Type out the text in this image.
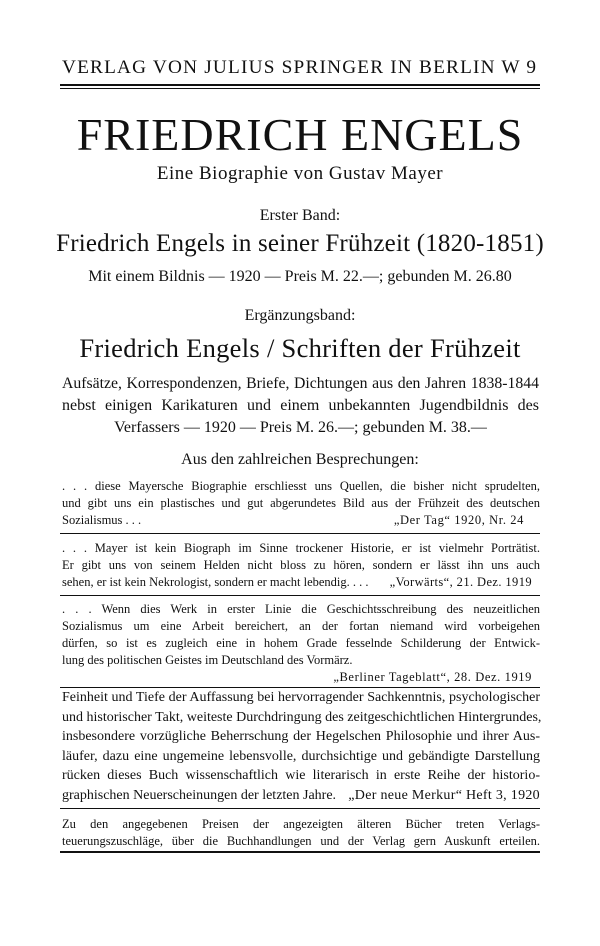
VERLAG VON JULIUS SPRINGER IN BERLIN W 9
FRIEDRICH ENGELS
Eine Biographie von Gustav Mayer
Erster Band:
Friedrich Engels in seiner Frühzeit (1820-1851)
Mit einem Bildnis — 1920 — Preis M. 22.—; gebunden M. 26.80
Ergänzungsband:
Friedrich Engels / Schriften der Frühzeit
Aufsätze, Korrespondenzen, Briefe, Dichtungen aus den Jahren 1838-1844
nebst einigen Karikaturen und einem unbekannten Jugendbildnis des
Verfassers — 1920 — Preis M. 26.—; gebunden M. 38.—
Aus den zahlreichen Besprechungen:
. . . diese Mayersche Biographie erschliesst uns Quellen, die bisher nicht sprudelten,
und gibt uns ein plastisches und gut abgerundetes Bild aus der Frühzeit des deutschen
Sozialismus . . .	„Der Tag“ 1920, Nr. 24
. . . Mayer ist kein Biograph im Sinne trockener Historie, er ist vielmehr Porträtist.
Er gibt uns von seinem Helden nicht bloss zu hören, sondern er lässt ihn uns auch
sehen, er ist kein Nekrologist, sondern er macht lebendig. . . . „Vorwärts“, 21. Dez. 1919
. . . Wenn dies Werk in erster Linie die Geschichtsschreibung des neuzeitlichen
Sozialismus um eine Arbeit bereichert, an der fortan niemand wird vorbeigehen
dürfen, so ist es zugleich eine in hohem Grade fesselnde Schilderung der Entwick-
lung des politischen Geistes im Deutschland des Vormärz.
„Berliner Tageblatt“, 28. Dez. 1919
Feinheit und Tiefe der Auffassung bei hervorragender Sachkenntnis, psychologischer
und historischer Takt, weiteste Durchdringung des zeitgeschichtlichen Hintergrundes,
insbesondere vorzügliche Beherrschung der Hegelschen Philosophie und ihrer Aus-
läufer, dazu eine ungemeine lebensvolle, durchsichtige und gebändigte Darstellung
rücken dieses Buch wissenschaftlich wie literarisch in erste Reihe der historio-
graphischen Neuerscheinungen der letzten Jahre. „Der neue Merkur“ Heft 3, 1920
Zu den angegebenen Preisen der angezeigten älteren Bücher treten Verlags-
teuerungszuschläge, über die Buchhandlungen und der Verlag gern Auskunft erteilen.
